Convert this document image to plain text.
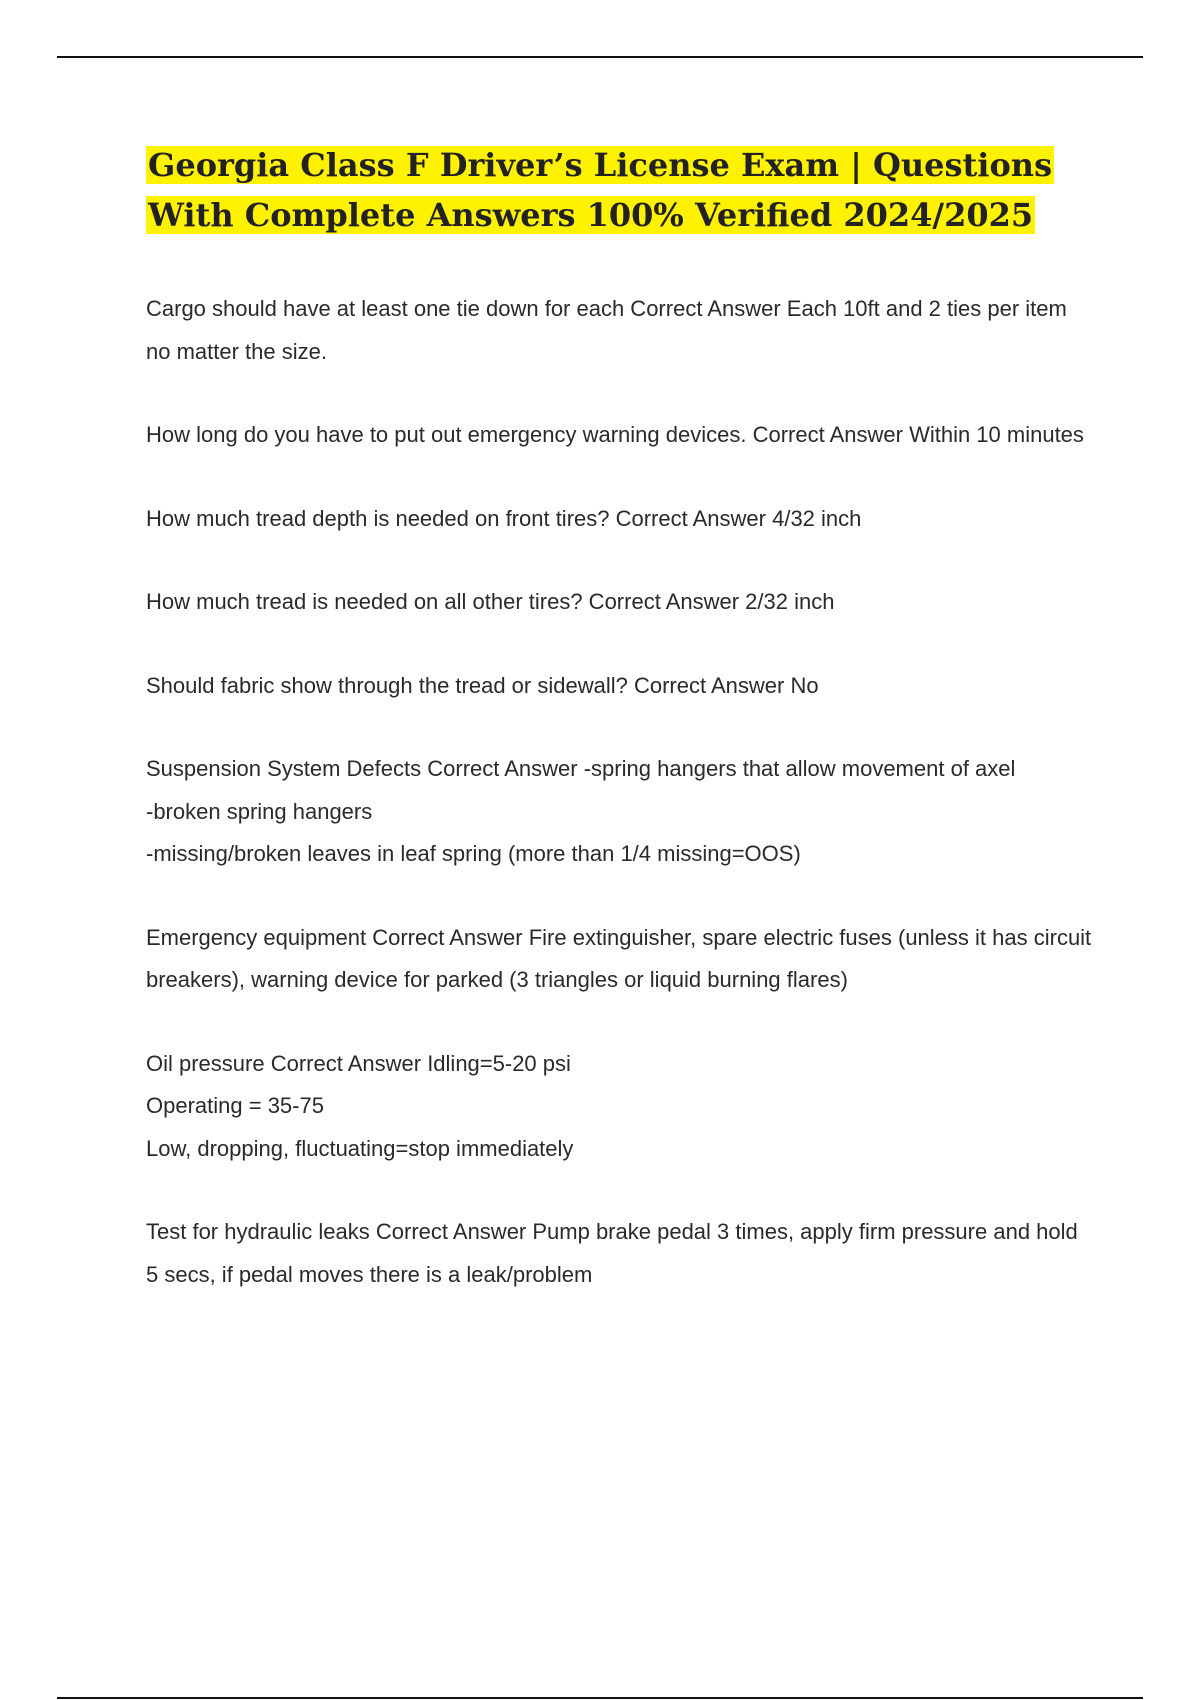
Georgia Class F Driver’s License Exam | Questions With Complete Answers 100% Verified 2024/2025
Cargo should have at least one tie down for each Correct Answer Each 10ft and 2 ties per item no matter the size.
How long do you have to put out emergency warning devices. Correct Answer Within 10 minutes
How much tread depth is needed on front tires? Correct Answer 4/32 inch
How much tread is needed on all other tires? Correct Answer 2/32 inch
Should fabric show through the tread or sidewall? Correct Answer No
Suspension System Defects Correct Answer -spring hangers that allow movement of axel
-broken spring hangers
-missing/broken leaves in leaf spring (more than 1/4 missing=OOS)
Emergency equipment Correct Answer Fire extinguisher, spare electric fuses (unless it has circuit breakers), warning device for parked (3 triangles or liquid burning flares)
Oil pressure Correct Answer Idling=5-20 psi
Operating = 35-75
Low, dropping, fluctuating=stop immediately
Test for hydraulic leaks Correct Answer Pump brake pedal 3 times, apply firm pressure and hold 5 secs, if pedal moves there is a leak/problem
